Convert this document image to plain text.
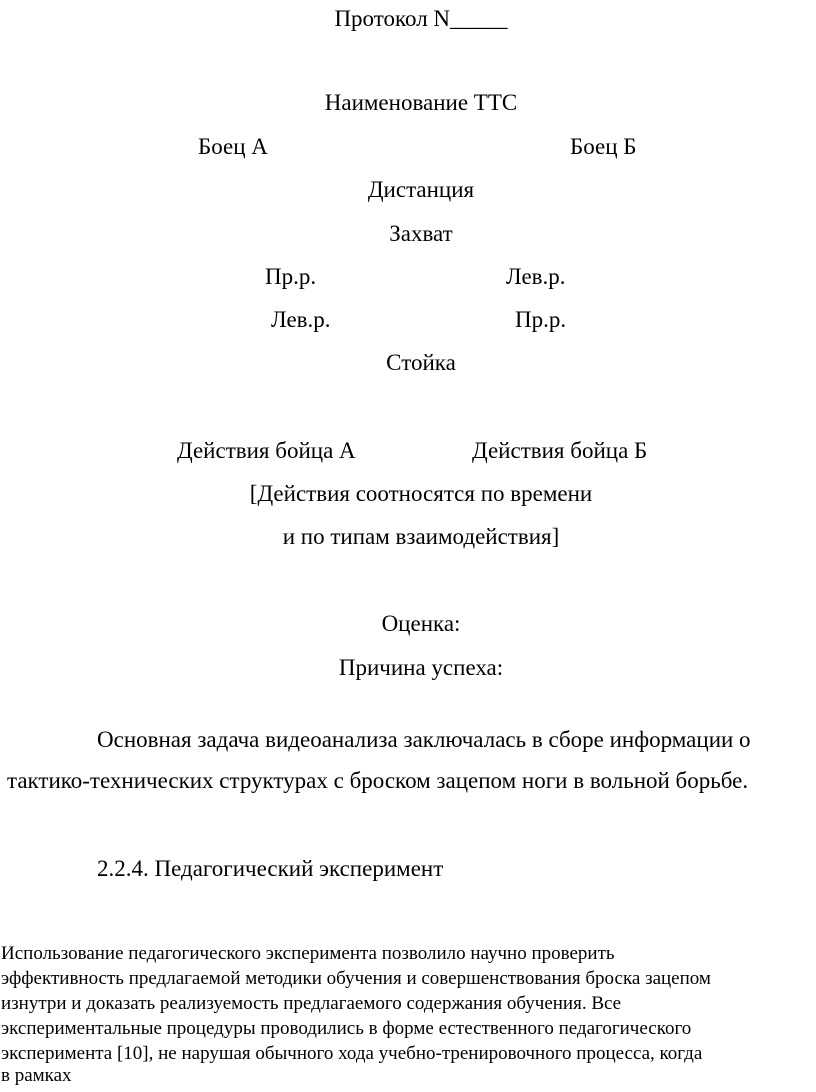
Протокол N_____
Наименование ТТС
Боец А	Боец Б
Дистанция
Захват
Пр.р.	Лев.р.
Лев.р.	Пр.р.
Стойка
Действия бойца А	Действия бойца Б
[Действия соотносятся по времени
и по типам взаимодействия]
Оценка:
Причина успеха:
Основная задача видеоанализа заключалась в сборе информации о
тактико-технических структурах с броском зацепом ноги в вольной борьбе.
2.2.4. Педагогический эксперимент
Использование педагогического эксперимента позволило научно проверить
эффективность предлагаемой методики обучения и совершенствования броска зацепом
изнутри и доказать реализуемость предлагаемого содержания обучения. Все
экспериментальные процедуры проводились в форме естественного педагогического
эксперимента [10], не нарушая обычного хода учебно-тренировочного процесса, когда
в рамках
